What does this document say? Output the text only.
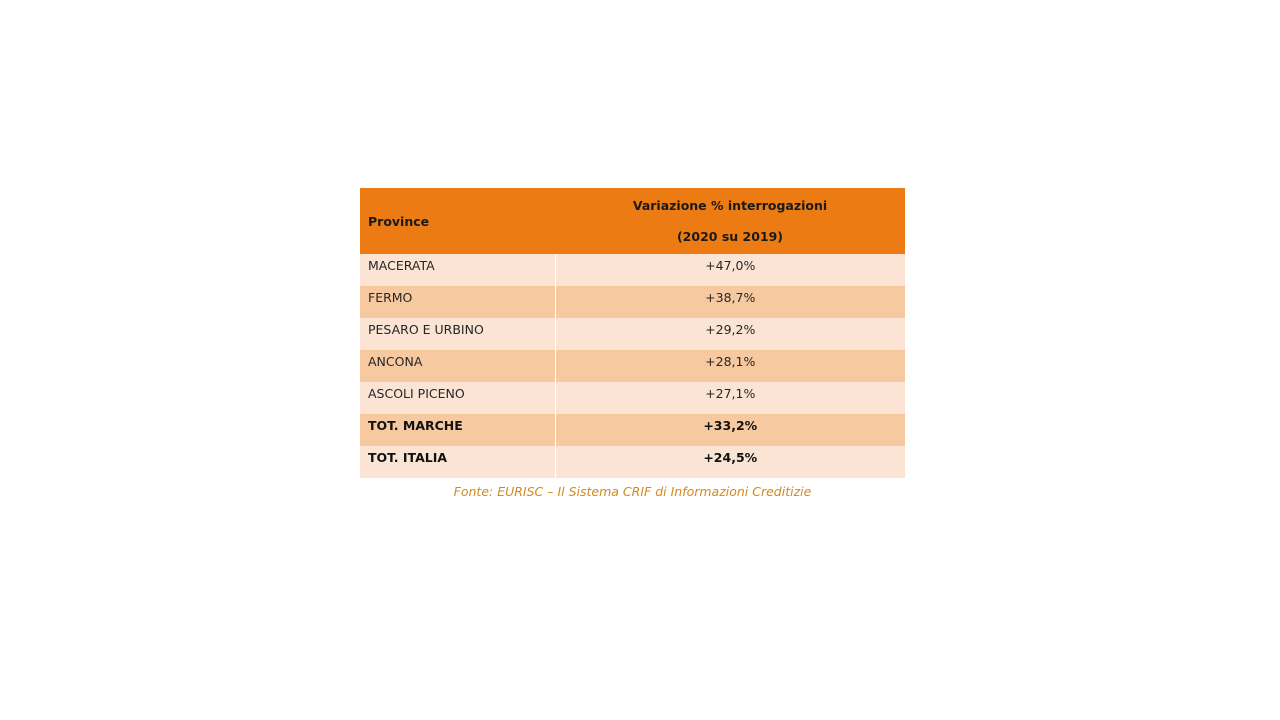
Province	Variazione % interrogazioni
(2020 su 2019)

MACERATA	+47,0%
FERMO	+38,7%
PESARO E URBINO	+29,2%
ANCONA	+28,1%
ASCOLI PICENO	+27,1%
TOT. MARCHE	+33,2%
TOT. ITALIA	+24,5%
Fonte: EURISC – Il Sistema CRIF di Informazioni Creditizie
